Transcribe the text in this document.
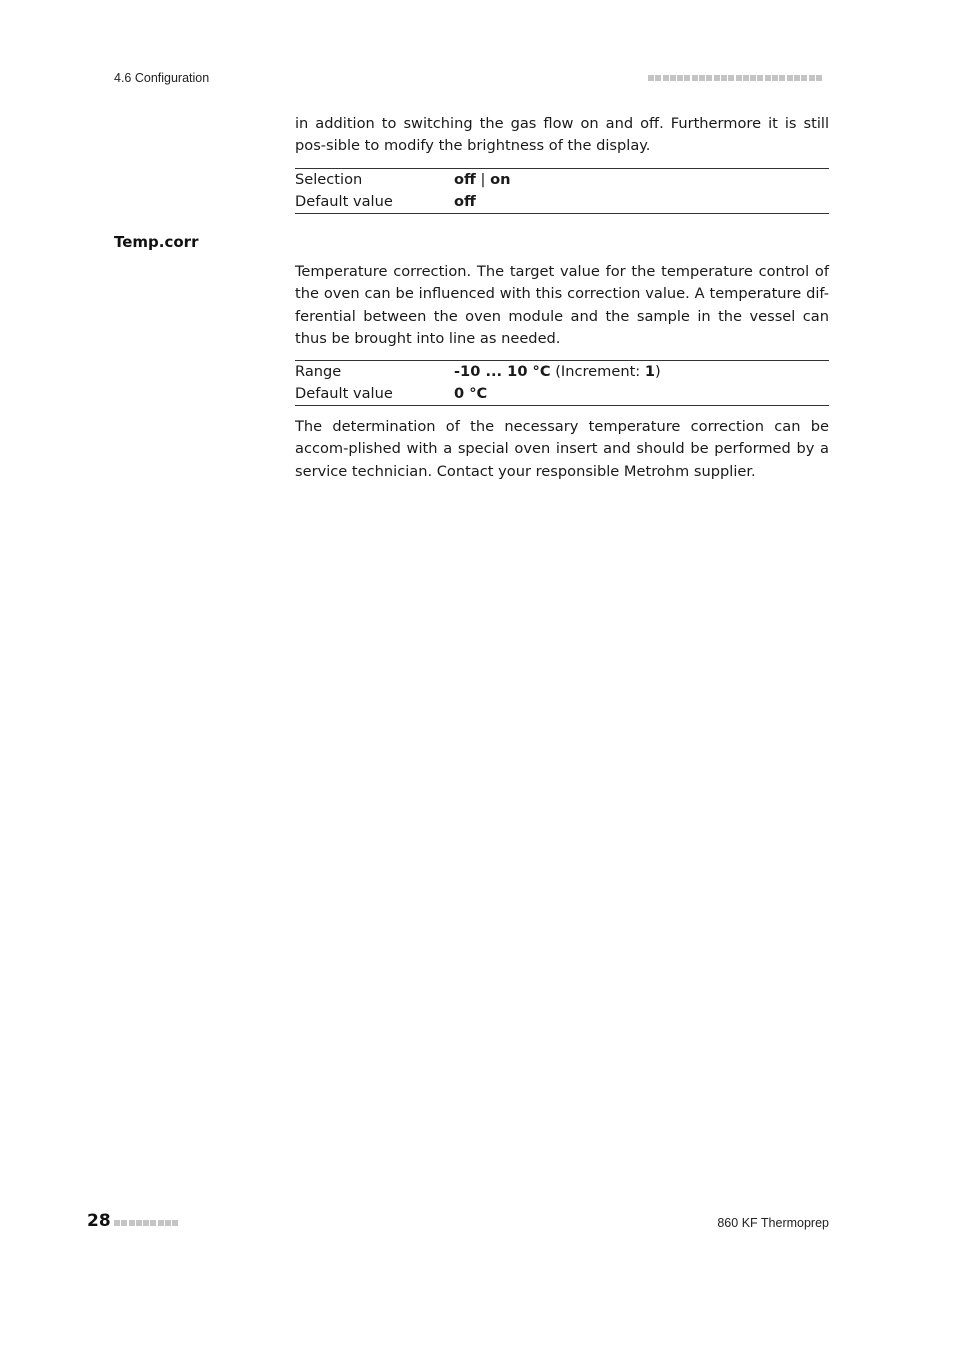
4.6 Configuration

in addition to switching the gas flow on and off. Furthermore it is still pos-sible to modify the brightness of the display.

Selection	off | on
Default value	off
Temp.corr

Temperature correction. The target value for the temperature control of the oven can be influenced with this correction value. A temperature dif-ferential between the oven module and the sample in the vessel can thus be brought into line as needed.

Range	-10 ... 10 °C (Increment: 1)
Default value	0 °C

The determination of the necessary temperature correction can be accom-plished with a special oven insert and should be performed by a service technician. Contact your responsible Metrohm supplier.

28	860 KF Thermoprep
